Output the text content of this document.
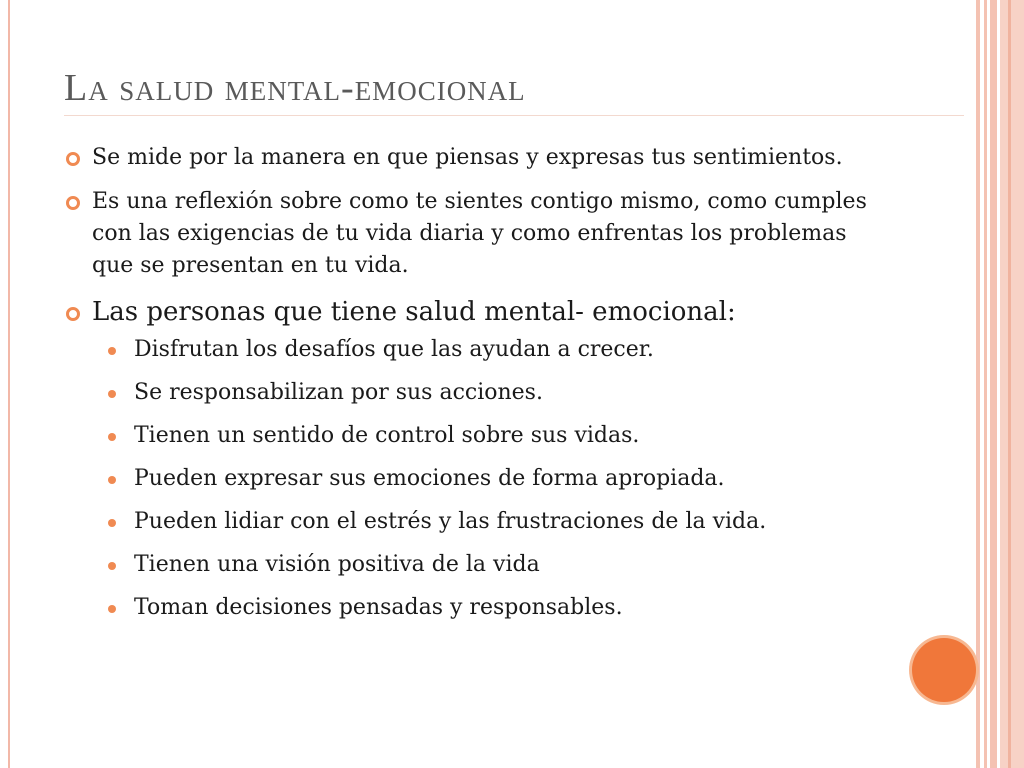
La salud mental-emocional
Se mide por la manera en que piensas y expresas tus sentimientos.
Es una reflexión sobre como te sientes contigo mismo, como cumples con las exigencias de tu vida diaria y como enfrentas los problemas que se presentan en tu vida.
Las personas que tiene salud mental- emocional:
Disfrutan los desafíos que las ayudan a crecer.
Se responsabilizan por sus acciones.
Tienen un sentido de control sobre sus vidas.
Pueden expresar sus emociones de forma apropiada.
Pueden lidiar con el estrés y las frustraciones de la vida.
Tienen una visión positiva de la vida
Toman decisiones pensadas y responsables.
